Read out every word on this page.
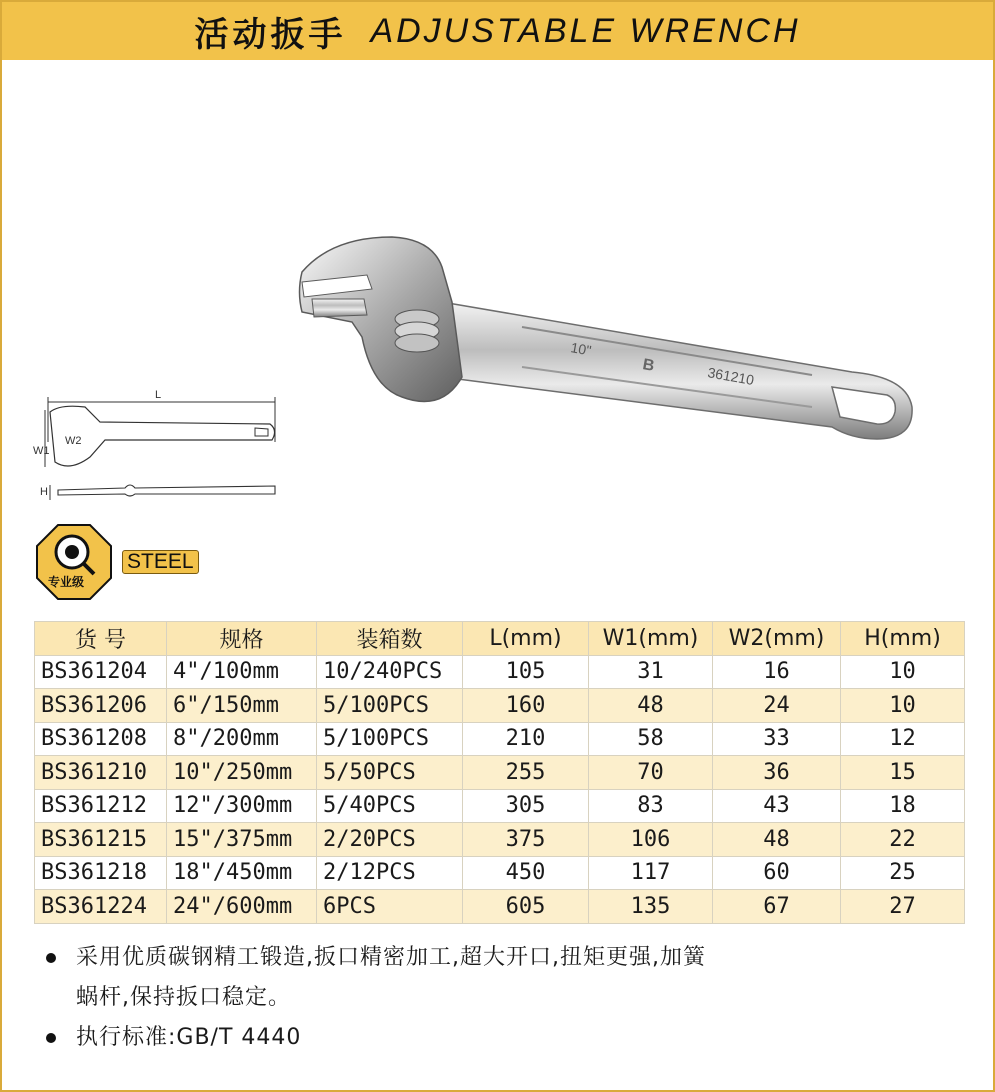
活动扳手 ADJUSTABLE WRENCH
10"
B	361210
L
W1
W2
H
专业级
STEEL
货 号	规格	装箱数	L(mm)	W1(mm)	W2(mm)	H(mm)
BS361204	4"/100mm	10/240PCS	105	31	16	10
BS361206	6"/150mm	5/100PCS	160	48	24	10
BS361208	8"/200mm	5/100PCS	210	58	33	12
BS361210	10"/250mm	5/50PCS	255	70	36	15
BS361212	12"/300mm	5/40PCS	305	83	43	18
BS361215	15"/375mm	2/20PCS	375	106	48	22
BS361218	18"/450mm	2/12PCS	450	117	60	25
BS361224	24"/600mm	6PCS	605	135	67	27
采用优质碳钢精工锻造,扳口精密加工,超大开口,扭矩更强,加簧
蜗杆,保持扳口稳定。
执行标准:GB/T 4440
